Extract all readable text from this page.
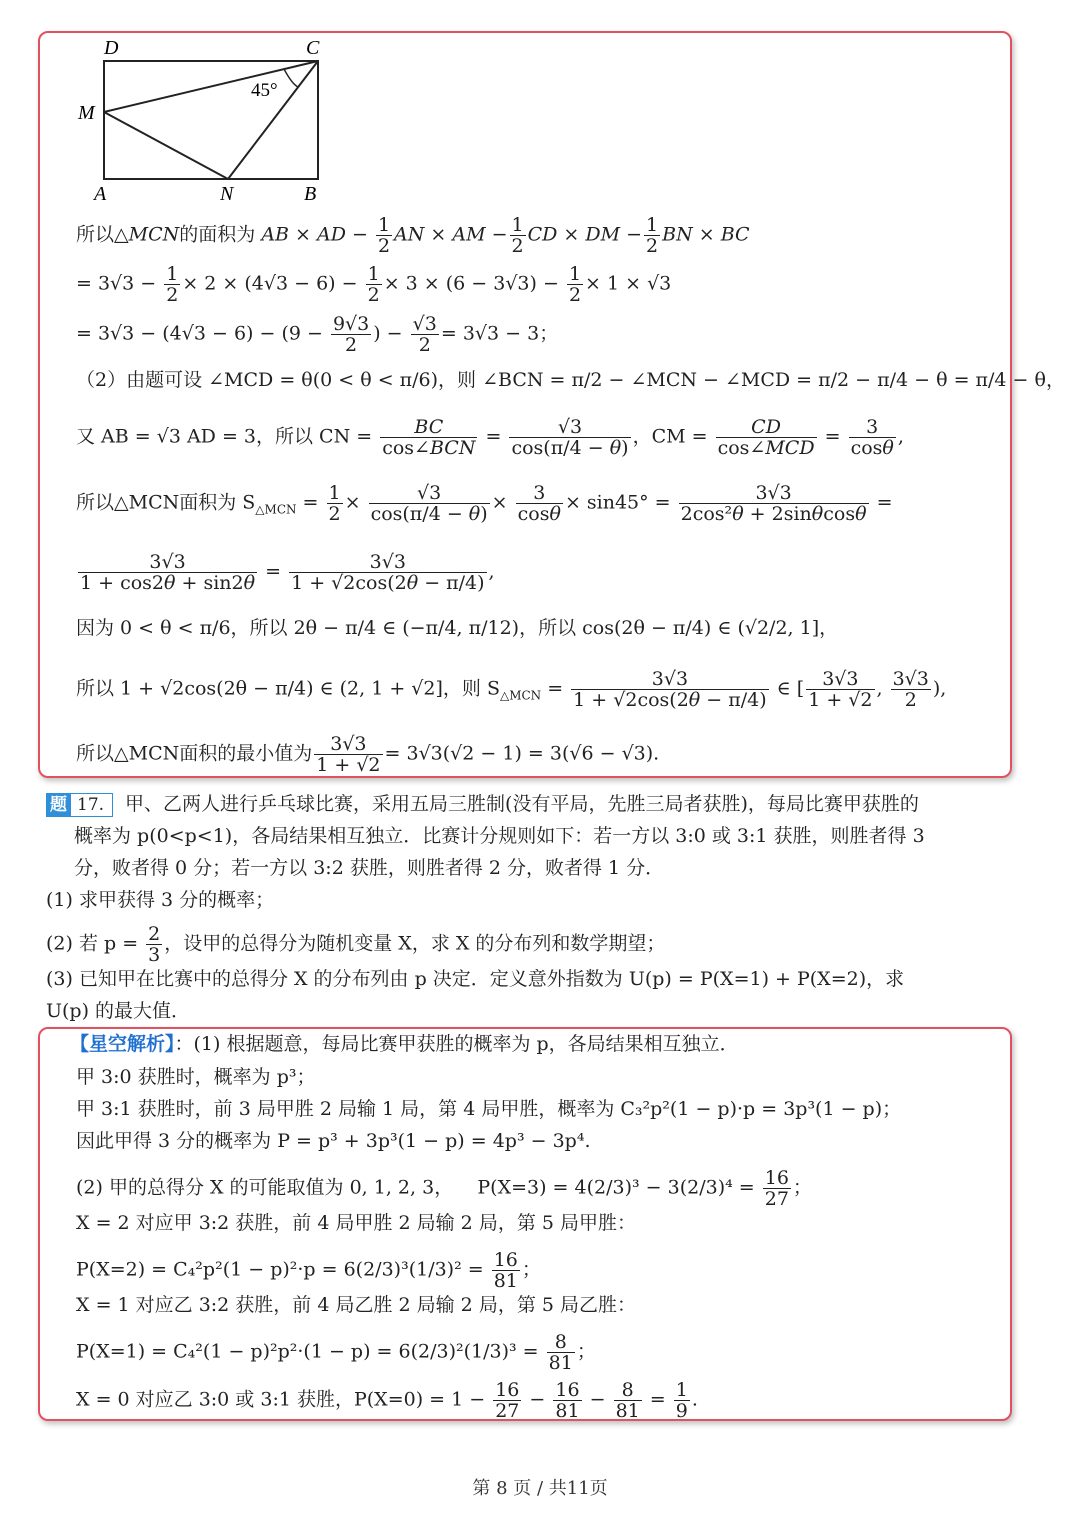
D	C
M
A	N	B
45°
所以△MCN的面积为 AB × AD − $\frac{1}{2}$ AN × AM − $\frac{1}{2}$ CD × DM − $\frac{1}{2}$ BN × BC
= $3√3 - \frac{1}{2} \times 2 \times (4√3 - 6) - \frac{1}{2} \times 3 \times (6 - 3√3) - \frac{1}{2} \times 1 \times √3$
= $3√3 - (4√3 - 6) - (9 - \frac{9√3}{2}$ ) − $\frac{√3}{2} = 3√3 - 3$；
（2）由题可设 ∠MCD = θ(0 < θ < π/6)，则 ∠BCN = π/2 − ∠MCN − ∠MCD = π/2 − π/4 − θ = π/4 − θ，
又 AB = √3 AD = 3，所以 CN = $\frac{BC}{\text{cos∠BCN}} = \frac{√3}{\cos(\pi/4 - \theta)}$ ，CM = $\frac{CD}{\text{cos∠MCD}} = \frac{3}{\cos\theta}$ ,
所以△MCN面积为 $S_{\triangle MCN} = \frac{1}{2} \times \frac{√3}{\cos(\pi/4 - \theta)} \times \frac{3}{\cos\theta} \times \sin 45^\circ = \frac{3√3}{\text{2cos²θ + 2sinθcosθ}}$ =
$\frac{3√3}{1 + \cos 2\theta + \sin 2\theta} = \frac{3√3}{1 + √2\cos(2\theta - \pi/4)}$ ,
因为 0 < θ < π/6，所以 2θ − π/4 ∈ (−π/4, π/12)，所以 cos(2θ − π/4) ∈ (√2/2, 1]，
所以 1 + √2cos(2θ − π/4) ∈ (2, 1 + √2]，则 $S_{\triangle MCN} = \frac{3√3}{1 + √2\cos(2\theta - \pi/4)}$ ∈ [ $\frac{3√3}{1 + √2}$ , $\frac{3√3}{2}$ ),
所以△MCN面积的最小值为 $\frac{3√3}{1 + √2} = 3√3(√2 - 1) = 3(√6 - √3)$.
题 17. 甲、乙两人进行乒乓球比赛，采用五局三胜制(没有平局，先胜三局者获胜)，每局比赛甲获胜的
概率为 p(0<p<1)，各局结果相互独立．比赛计分规则如下：若一方以 3:0 或 3:1 获胜，则胜者得 3
分，败者得 0 分；若一方以 3:2 获胜，则胜者得 2 分，败者得 1 分．
(1) 求甲获得 3 分的概率；
(2) 若 $p = \frac{2}{3}$ ，设甲的总得分为随机变量 X，求 X 的分布列和数学期望；
(3) 已知甲在比赛中的总得分 X 的分布列由 p 决定．定义意外指数为 U(p) = P(X=1) + P(X=2)，求
U(p) 的最大值．
【星空解析】：(1) 根据题意，每局比赛甲获胜的概率为 p，各局结果相互独立．
甲 3:0 获胜时，概率为 p³；
甲 3:1 获胜时，前 3 局甲胜 2 局输 1 局，第 4 局甲胜，概率为 C₃²p²(1 − p)·p = 3p³(1 − p)；
因此甲得 3 分的概率为 P = p³ + 3p³(1 − p) = 4p³ − 3p⁴.
(2) 甲的总得分 X 的可能取值为 0, 1, 2, 3， $P(X=3) = 4(2/3)^3 - 3(2/3)^4 = \frac{16}{27}$ ；
X = 2 对应甲 3:2 获胜，前 4 局甲胜 2 局输 2 局，第 5 局甲胜：
$P(X=2) = C_4^2p^2(1 - p)^2\cdot p = 6(2/3)^3(1/3)^2 = \frac{16}{81}$ ；
X = 1 对应乙 3:2 获胜，前 4 局乙胜 2 局输 2 局，第 5 局乙胜：
$P(X=1) = C_4^2(1 - p)^2p^2\cdot(1 - p) = 6(2/3)^2(1/3)^3 = \frac{8}{81}$ ；
X = 0 对应乙 3:0 或 3:1 获胜，$P(X=0) = 1 - \frac{16}{27} - \frac{16}{81} - \frac{8}{81} = \frac{1}{9}$ .
第 8 页 / 共11页
